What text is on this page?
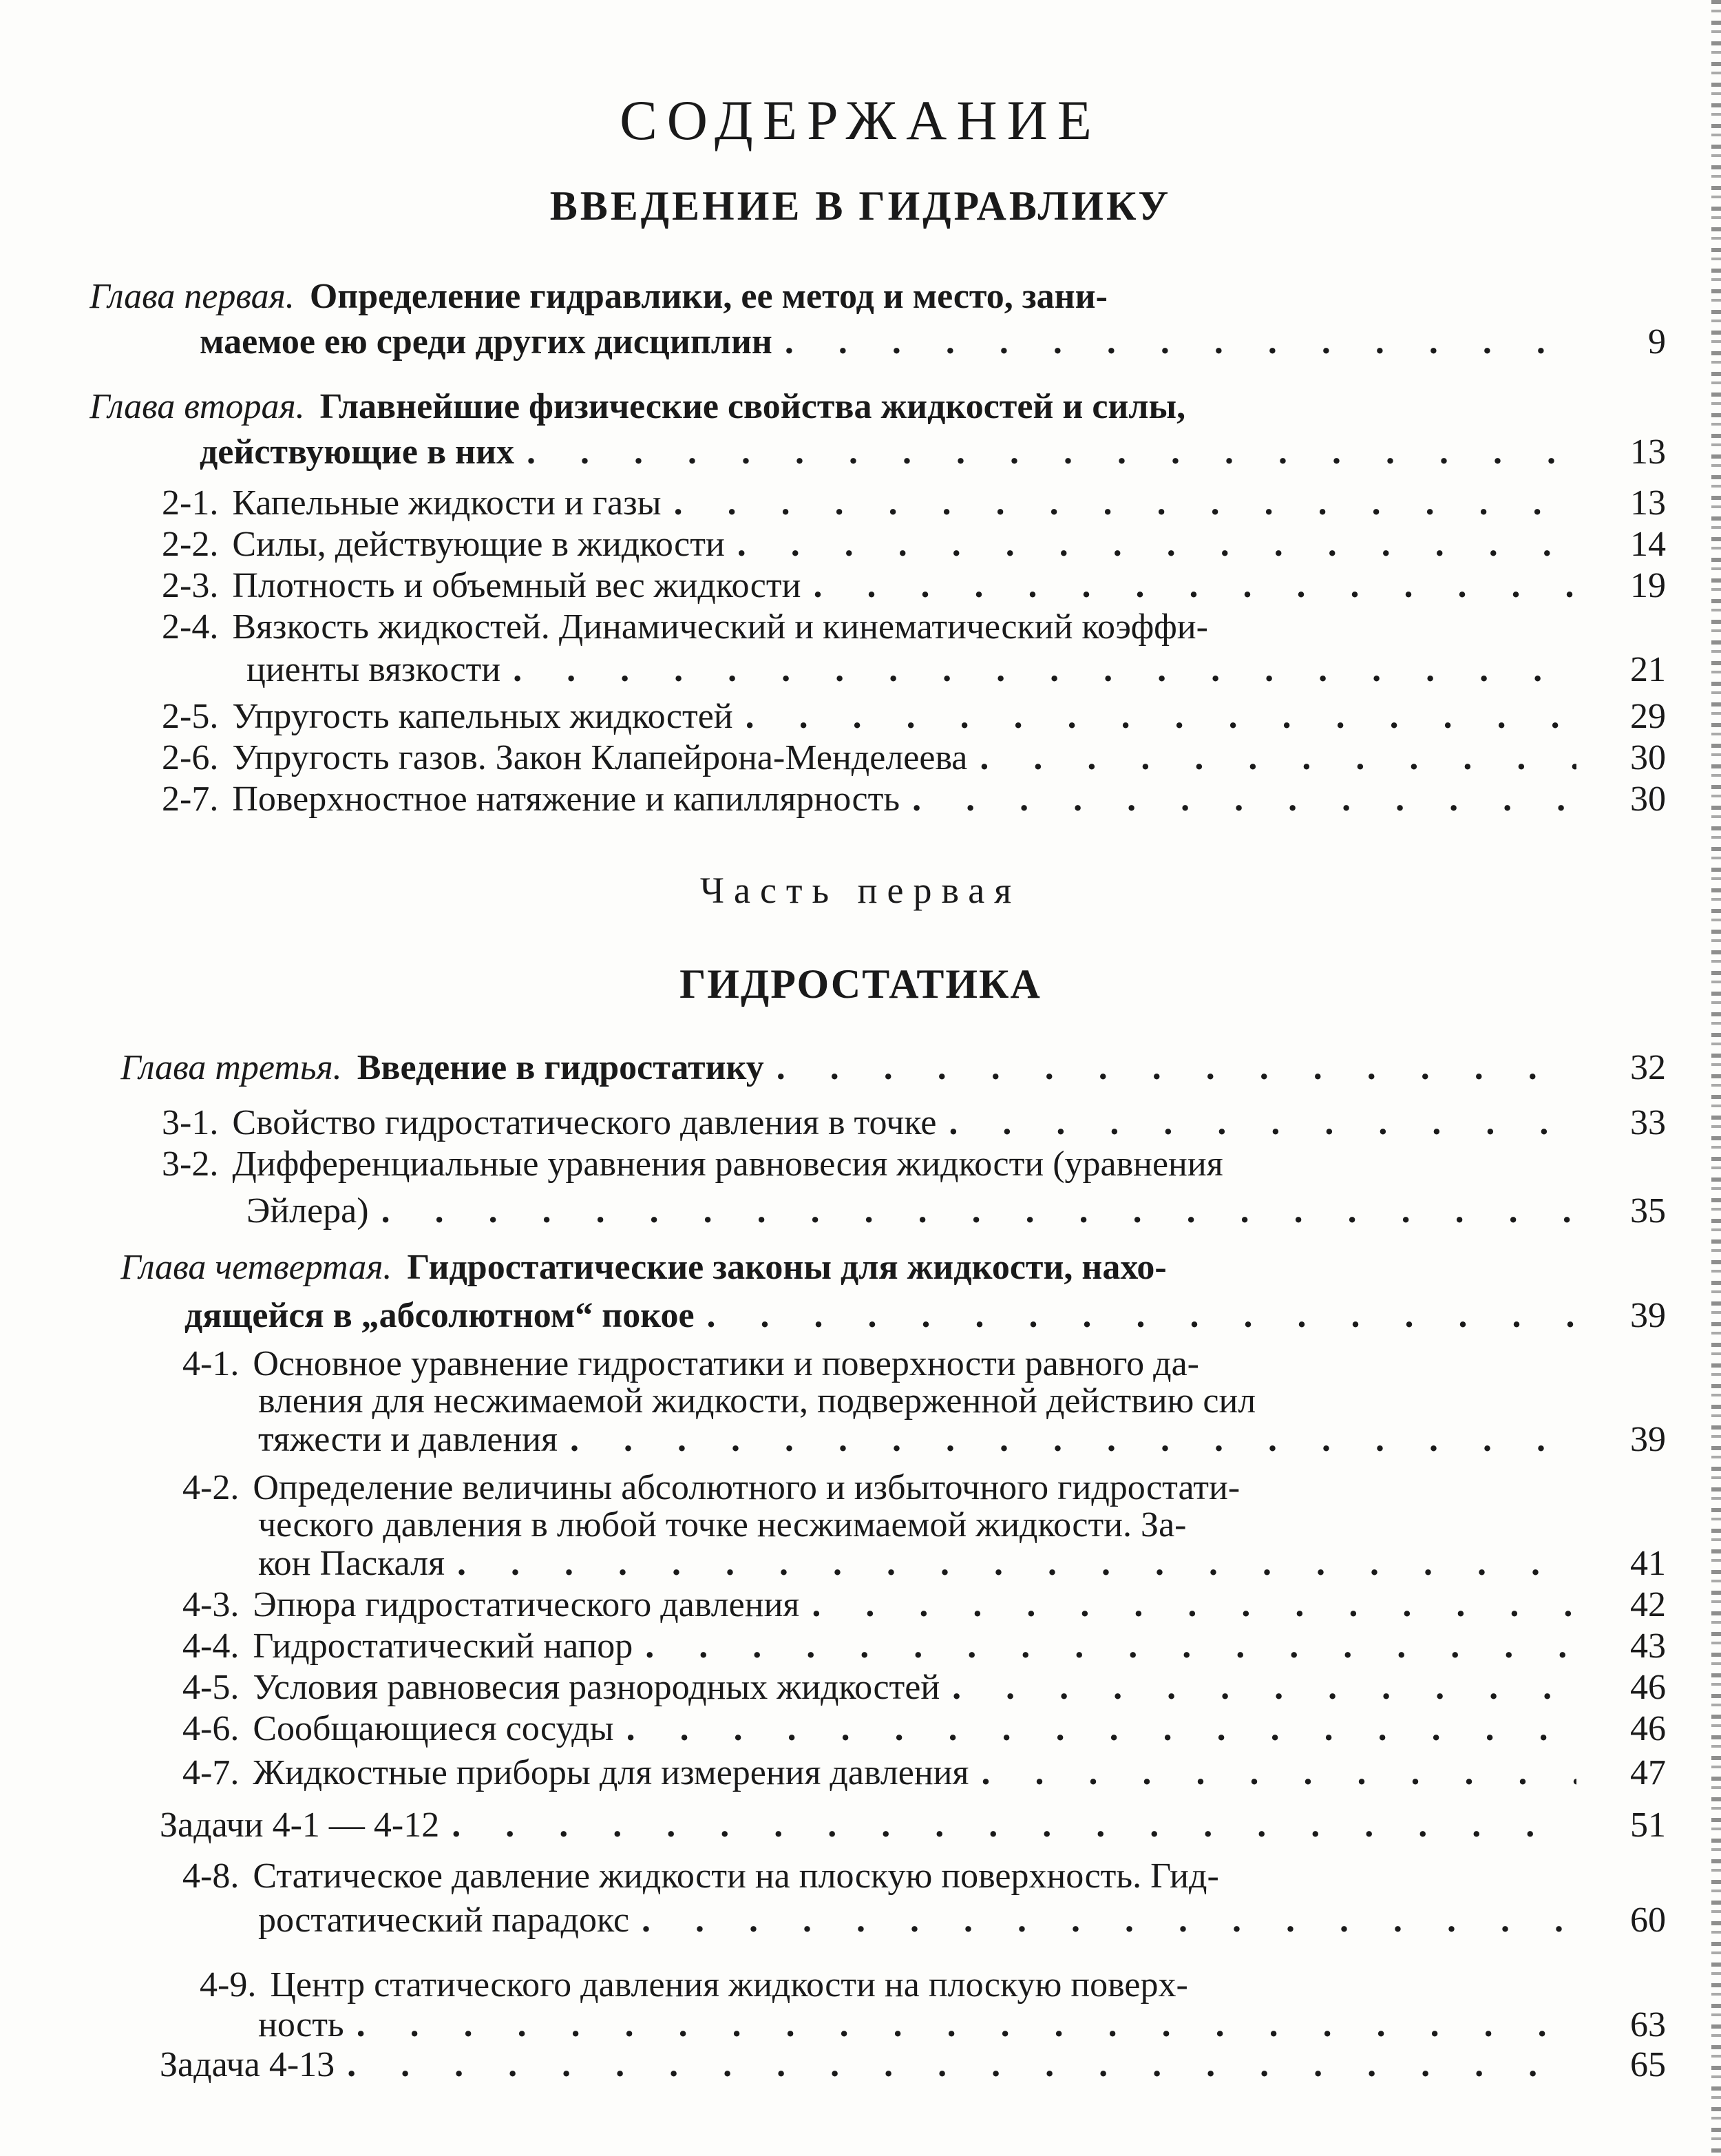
СОДЕРЖАНИЕ
ВВЕДЕНИЕ В ГИДРАВЛИКУ
Часть первая
ГИДРОСТАТИКА
Глава первая. Определение гидравлики, ее метод и место, зани-
маемое ею среди других дисциплин . . .	9
Глава вторая. Главнейшие физические свойства жидкостей и силы,
действующие в них . . .	13
2-1. Капельные жидкости и газы . . .	13
2-2. Силы, действующие в жидкости . . .	14
2-3. Плотность и объемный вес жидкости . . .	19
2-4. Вязкость жидкостей. Динамический и кинематический коэффи-
циенты вязкости . . .	21
2-5. Упругость капельных жидкостей . . .	29
2-6. Упругость газов. Закон Клапейрона-Менделеева . . .	30
2-7. Поверхностное натяжение и капиллярность . . .	30
Глава третья. Введение в гидростатику . . .	32
3-1. Свойство гидростатического давления в точке . . .	33
3-2. Дифференциальные уравнения равновесия жидкости (уравнения
Эйлера) . . .	35
Глава четвертая. Гидростатические законы для жидкости, нахо-
дящейся в „абсолютном“ покое . . .	39
4-1. Основное уравнение гидростатики и поверхности равного да-
вления для несжимаемой жидкости, подверженной действию сил
тяжести и давления . . .	39
4-2. Определение величины абсолютного и избыточного гидростати-
ческого давления в любой точке несжимаемой жидкости. За-
кон Паскаля . . .	41
4-3. Эпюра гидростатического давления . . .	42
4-4. Гидростатический напор . . .	43
4-5. Условия равновесия разнородных жидкостей . . .	46
4-6. Сообщающиеся сосуды . . .	46
4-7. Жидкостные приборы для измерения давления . . .	47
Задачи 4-1 — 4-12 . . .	51
4-8. Статическое давление жидкости на плоскую поверхность. Гид-
ростатический парадокс . . .	60
4-9. Центр статического давления жидкости на плоскую поверх-
ность . . .	63
Задача 4-13 . . .	65
